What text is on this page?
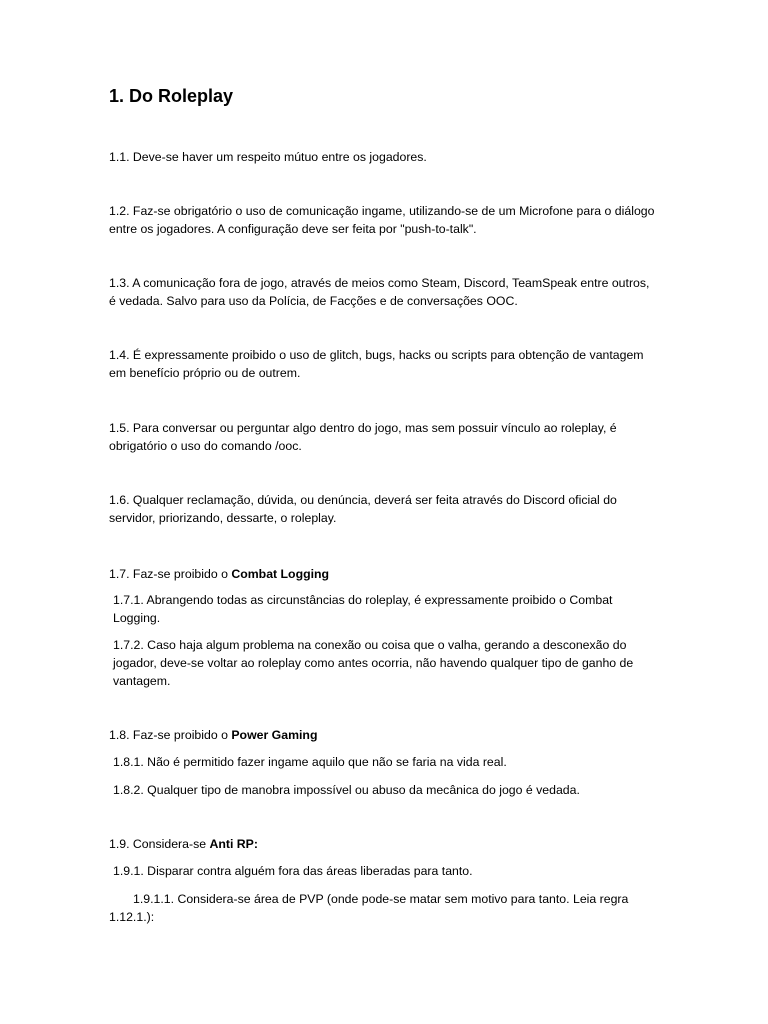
1. Do Roleplay

1.1. Deve-se haver um respeito mútuo entre os jogadores.

1.2. Faz-se obrigatório o uso de comunicação ingame, utilizando-se de um Microfone para o diálogo entre os jogadores. A configuração deve ser feita por "push-to-talk".

1.3. A comunicação fora de jogo, através de meios como Steam, Discord, TeamSpeak entre outros, é vedada. Salvo para uso da Polícia, de Facções e de conversações OOC.

1.4. É expressamente proibido o uso de glitch, bugs, hacks ou scripts para obtenção de vantagem em benefício próprio ou de outrem.

1.5. Para conversar ou perguntar algo dentro do jogo, mas sem possuir vínculo ao roleplay, é obrigatório o uso do comando /ooc.

1.6. Qualquer reclamação, dúvida, ou denúncia, deverá ser feita através do Discord oficial do servidor, priorizando, dessarte, o roleplay.

1.7. Faz-se proibido o Combat Logging

1.7.1. Abrangendo todas as circunstâncias do roleplay, é expressamente proibido o Combat Logging.

1.7.2. Caso haja algum problema na conexão ou coisa que o valha, gerando a desconexão do jogador, deve-se voltar ao roleplay como antes ocorria, não havendo qualquer tipo de ganho de vantagem.

1.8. Faz-se proibido o Power Gaming

1.8.1. Não é permitido fazer ingame aquilo que não se faria na vida real.

1.8.2. Qualquer tipo de manobra impossível ou abuso da mecânica do jogo é vedada.

1.9. Considera-se Anti RP:

1.9.1. Disparar contra alguém fora das áreas liberadas para tanto.

1.9.1.1. Considera-se área de PVP (onde pode-se matar sem motivo para tanto. Leia regra 1.12.1.):
